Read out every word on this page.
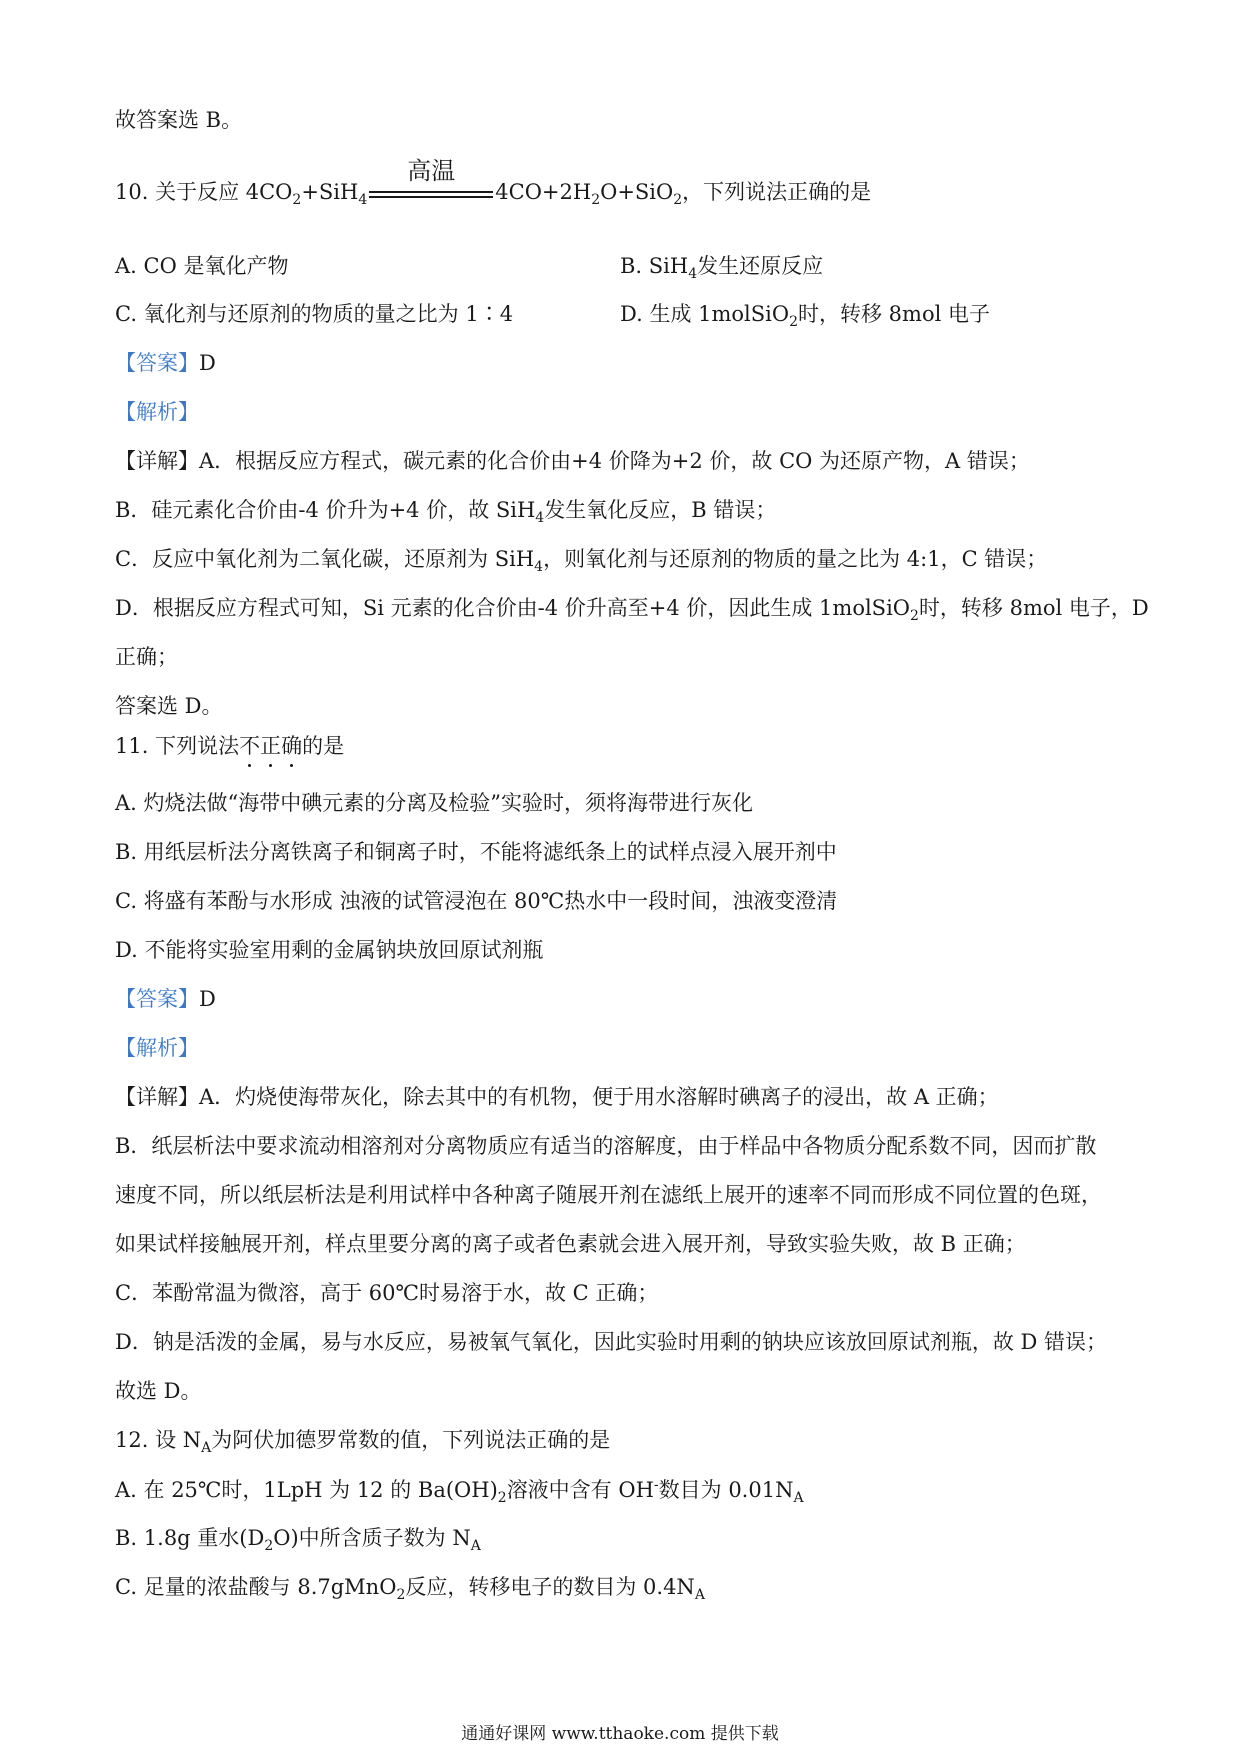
故答案选 B。
10. 关于反应 $4CO_2+SiH_4$
高温
$4CO+2H_2O+SiO_2$，下列说法正确的是
A. CO 是氧化产物	B. SiH$_4$发生还原反应
C. 氧化剂与还原剂的物质的量之比为 1∶4	D. 生成 1molSiO$_2$时，转移 8mol 电子
【答案】D
【解析】
【详解】A．根据反应方程式，碳元素的化合价由+4 价降为+2 价，故 CO 为还原产物，A 错误；
B．硅元素化合价由-4 价升为+4 价，故 SiH$_4$发生氧化反应，B 错误；
C．反应中氧化剂为二氧化碳，还原剂为 SiH$_4$，则氧化剂与还原剂的物质的量之比为 4:1，C 错误；
D．根据反应方程式可知，Si 元素的化合价由-4 价升高至+4 价，因此生成 1molSiO$_2$时，转移 8mol 电子，D
正确；
答案选 D。
11. 下列说法不正确的是
A. 灼烧法做“海带中碘元素的分离及检验”实验时，须将海带进行灰化
B. 用纸层析法分离铁离子和铜离子时，不能将滤纸条上的试样点浸入展开剂中
C. 将盛有苯酚与水形成 浊液的试管浸泡在 80℃热水中一段时间，浊液变澄清
D. 不能将实验室用剩的金属钠块放回原试剂瓶
【答案】D
【解析】
【详解】A．灼烧使海带灰化，除去其中的有机物，便于用水溶解时碘离子的浸出，故 A 正确；
B．纸层析法中要求流动相溶剂对分离物质应有适当的溶解度，由于样品中各物质分配系数不同，因而扩散
速度不同，所以纸层析法是利用试样中各种离子随展开剂在滤纸上展开的速率不同而形成不同位置的色斑，
如果试样接触展开剂，样点里要分离的离子或者色素就会进入展开剂，导致实验失败，故 B 正确；
C．苯酚常温为微溶，高于 60℃时易溶于水，故 C 正确；
D．钠是活泼的金属，易与水反应，易被氧气氧化，因此实验时用剩的钠块应该放回原试剂瓶，故 D 错误；
故选 D。
12. 设 $N_A$为阿伏加德罗常数的值，下列说法正确的是
A. 在 25℃时，1LpH 为 12 的 $Ba(OH)_2$溶液中含有 OH-数目为 $0.01N_A$
B. 1.8g 重水$(D_2O)$中所含质子数为 $N_A$
C. 足量的浓盐酸与 8.7gMnO$_2$反应，转移电子的数目为 $0.4N_A$
通通好课网 www.tthaoke.com 提供下载
